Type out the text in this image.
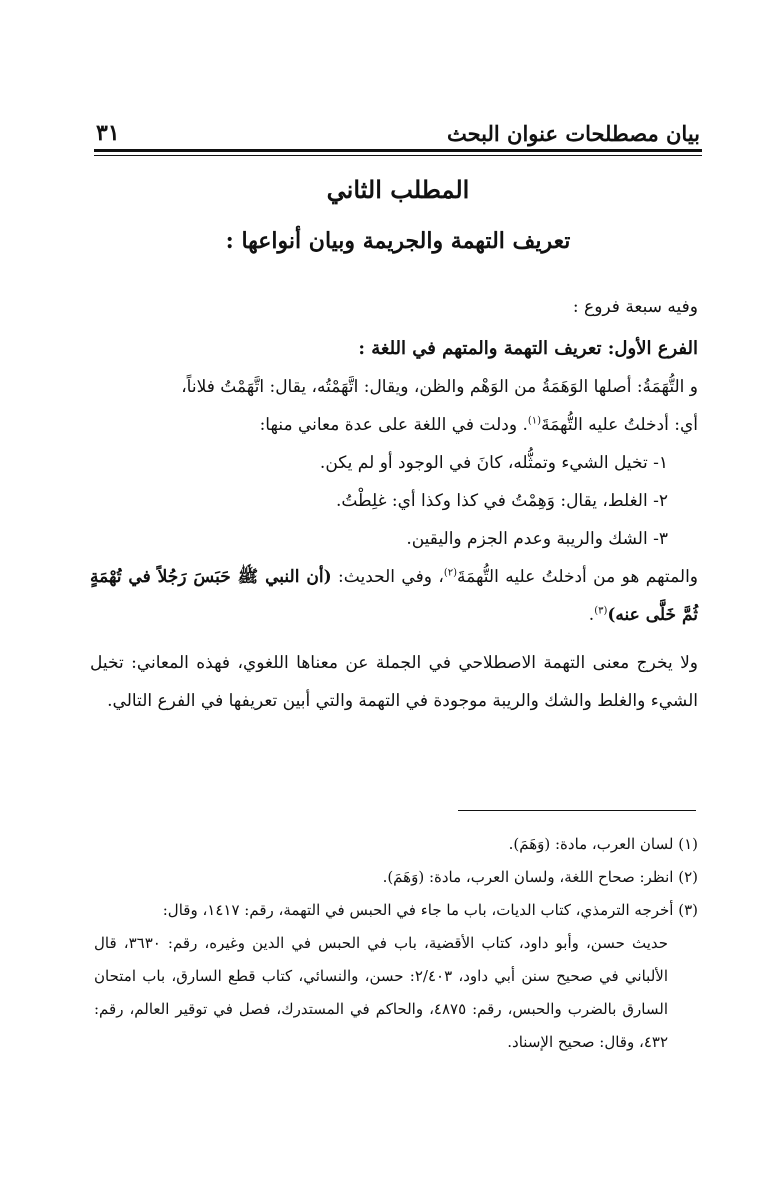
٣١	بيان مصطلحات عنوان البحث
المطلب الثاني
تعريف التهمة والجريمة وبيان أنواعها :

وفيه سبعة فروع :

الفرع الأول: تعريف التهمة والمتهم في اللغة :

و التُّهَمَةُ: أصلها الوَهَمَةُ من الوَهْم والظن، ويقال: اتَّهَمْتُه، يقال: اتَّهَمْتُ فلاناً،

أي: أدخلتُ عليه التُّهمَةَ$^{(١)}$. ودلت في اللغة على عدة معاني منها:

١- تخيل الشيء وتمثُّله، كانَ في الوجود أو لم يكن.

٢- الغلط، يقال: وَهِمْتُ في كذا وكذا أي: غلِطْتُ.

٣- الشك والريبة وعدم الجزم واليقين.

والمتهم هو من أدخلتُ عليه التُّهمَةَ$^{(٢)}$، وفي الحديث: (أن النبي ﷺ حَبَسَ رَجُلاً في تُهْمَةٍ ثُمَّ خَلَّى عنه)$^{(٣)}$.

ولا يخرج معنى التهمة الاصطلاحي في الجملة عن معناها اللغوي، فهذه المعاني: تخيل الشيء والغلط والشك والريبة موجودة في التهمة والتي أبين تعريفها في الفرع التالي.

(١) لسان العرب، مادة: (وَهَمَ).

(٢) انظر: صحاح اللغة، ولسان العرب، مادة: (وَهَمَ).

(٣) أخرجه الترمذي، كتاب الديات، باب ما جاء في الحبس في التهمة، رقم: ١٤١٧، وقال:

حديث حسن، وأبو داود، كتاب الأقضية، باب في الحبس في الدين وغيره، رقم: ٣٦٣٠، قال الألباني في صحيح سنن أبي داود، ٢/٤٠٣: حسن، والنسائي، كتاب قطع السارق، باب امتحان السارق بالضرب والحبس، رقم: ٤٨٧٥، والحاكم في المستدرك، فصل في توقير العالم، رقم: ٤٣٢، وقال: صحيح الإسناد.
